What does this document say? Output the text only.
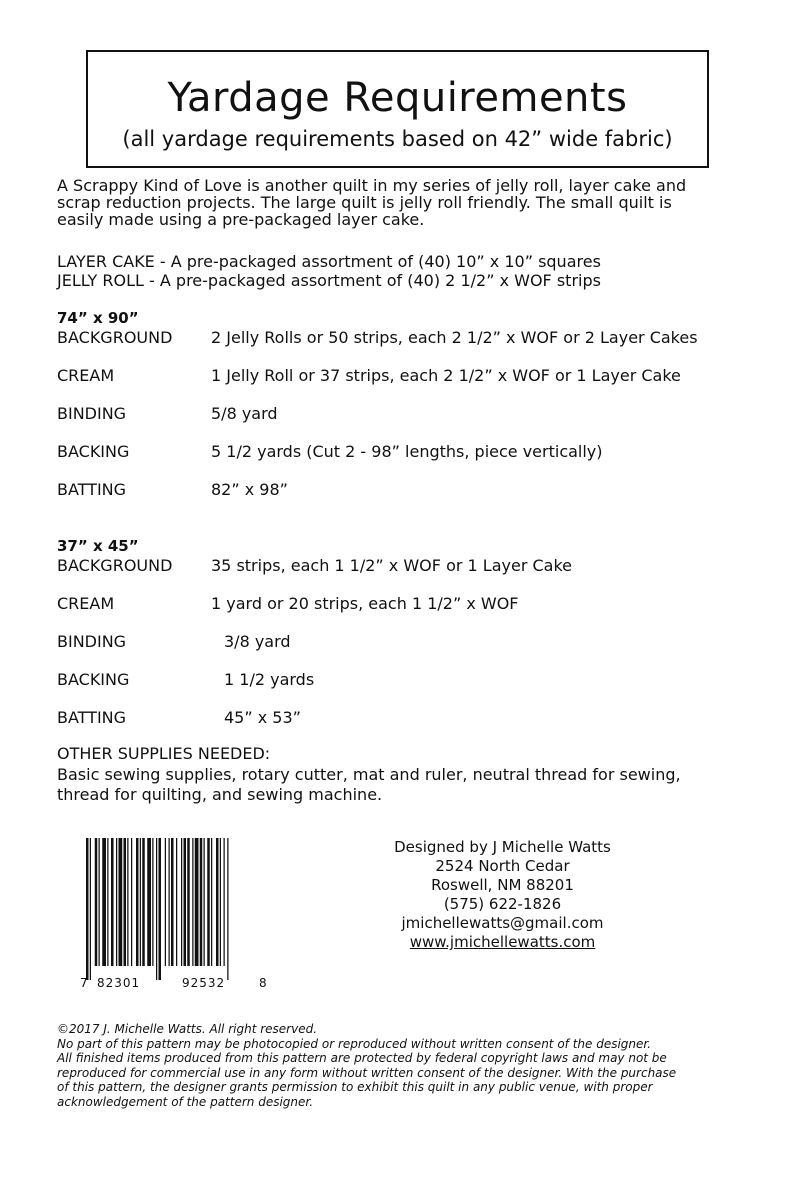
Yardage Requirements
(all yardage requirements based on 42” wide fabric)
A Scrappy Kind of Love is another quilt in my series of jelly roll, layer cake and
scrap reduction projects. The large quilt is jelly roll friendly. The small quilt is
easily made using a pre-packaged layer cake.
LAYER CAKE - A pre-packaged assortment of (40) 10” x 10” squares
JELLY ROLL - A pre-packaged assortment of (40) 2 1/2” x WOF strips
74” x 90”
BACKGROUND 2 Jelly Rolls or 50 strips, each 2 1/2” x WOF or 2 Layer Cakes
CREAM	1 Jelly Roll or 37 strips, each 2 1/2” x WOF or 1 Layer Cake
BINDING	5/8 yard
BACKING	5 1/2 yards (Cut 2 - 98” lengths, piece vertically)
BATTING	82” x 98”
37” x 45”
BACKGROUND 35 strips, each 1 1/2” x WOF or 1 Layer Cake
CREAM	1 yard or 20 strips, each 1 1/2” x WOF
BINDING	3/8 yard
BACKING	1 1/2 yards
BATTING	45” x 53”
OTHER SUPPLIES NEEDED:
Basic sewing supplies, rotary cutter, mat and ruler, neutral thread for sewing,
thread for quilting, and sewing machine.
7 82301	92532	8
Designed by J Michelle Watts
2524 North Cedar
Roswell, NM 88201
(575) 622-1826
jmichellewatts@gmail.com
www.jmichellewatts.com
©2017 J. Michelle Watts. All right reserved.
No part of this pattern may be photocopied or reproduced without written consent of the designer.
All finished items produced from this pattern are protected by federal copyright laws and may not be
reproduced for commercial use in any form without written consent of the designer. With the purchase
of this pattern, the designer grants permission to exhibit this quilt in any public venue, with proper
acknowledgement of the pattern designer.
